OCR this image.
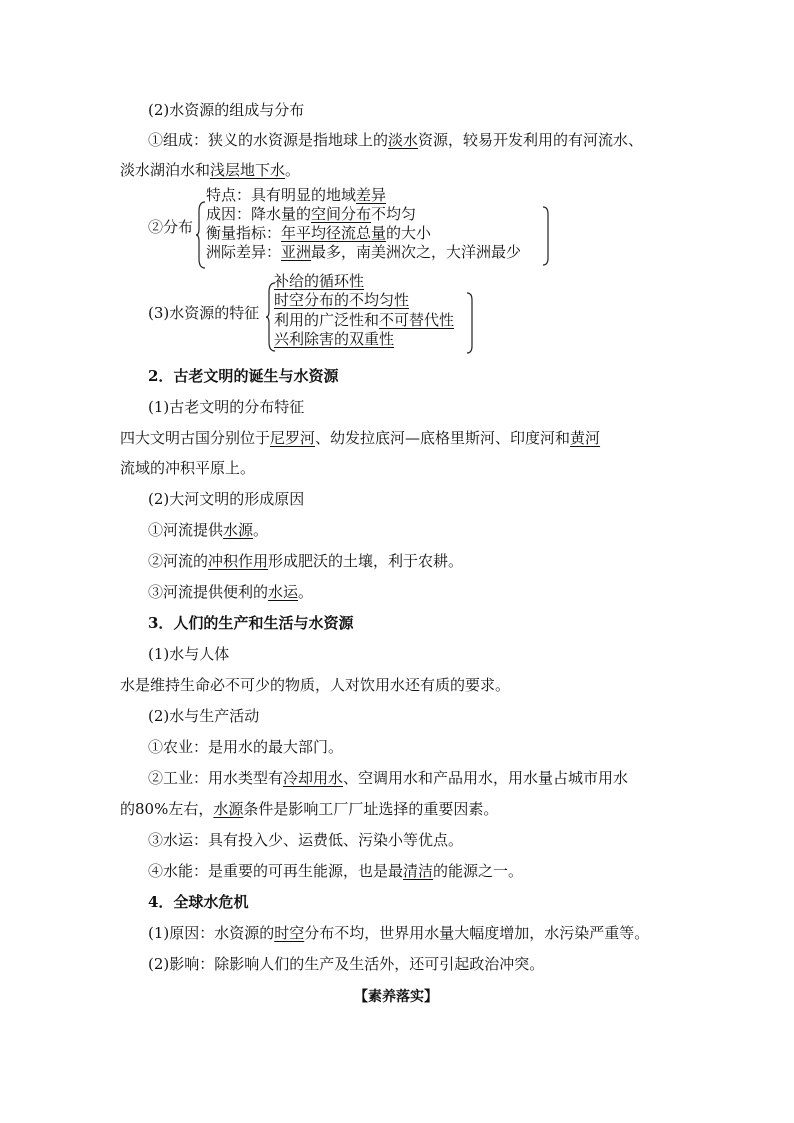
(2)水资源的组成与分布
①组成：狭义的水资源是指地球上的淡水资源，较易开发利用的有河流水、
淡水湖泊水和浅层地下水。
②分布
特点：具有明显的地域差异
成因：降水量的空间分布不均匀
衡量指标：年平均径流总量的大小
洲际差异：亚洲最多，南美洲次之，大洋洲最少
(3)水资源的特征
补给的循环性
时空分布的不均匀性
利用的广泛性和不可替代性
兴利除害的双重性
2．古老文明的诞生与水资源
(1)古老文明的分布特征
四大文明古国分别位于尼罗河、幼发拉底河—底格里斯河、印度河和黄河
流域的冲积平原上。
(2)大河文明的形成原因
①河流提供水源。
②河流的冲积作用形成肥沃的土壤，利于农耕。
③河流提供便利的水运。
3．人们的生产和生活与水资源
(1)水与人体
水是维持生命必不可少的物质，人对饮用水还有质的要求。
(2)水与生产活动
①农业：是用水的最大部门。
②工业：用水类型有冷却用水、空调用水和产品用水，用水量占城市用水
的80%左右，水源条件是影响工厂厂址选择的重要因素。
③水运：具有投入少、运费低、污染小等优点。
④水能：是重要的可再生能源，也是最清洁的能源之一。
4．全球水危机
(1)原因：水资源的时空分布不均，世界用水量大幅度增加，水污染严重等。
(2)影响：除影响人们的生产及生活外，还可引起政治冲突。
【素养落实】
